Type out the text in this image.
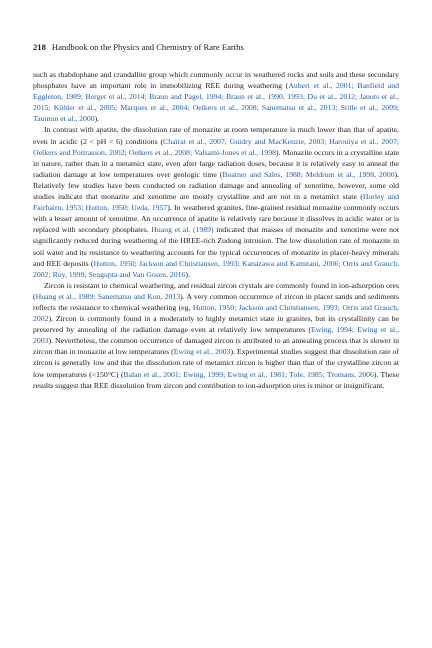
218 Handbook on the Physics and Chemistry of Rare Earths

such as rhabdophane and crandallite group which commonly occur in weathered rocks and soils and these secondary phosphates have an important role in immobilizing REE during weathering (Aubert et al., 2001; Banfield and Eggleton, 1989; Berger et al., 2014; Braun and Pagel, 1994; Braun et al., 1990, 1993; Du et al., 2012; Janots et al., 2015; Köhler et al., 2005; Marques et al., 2004; Oelkers et al., 2008; Sanematsu et al., 2013; Stille et al., 2009; Taunton et al., 2000).

In contrast with apatite, the dissolution rate of monazite at room temperature is much lower than that of apatite, even in acidic (2 < pH < 6) conditions (Chaïrat et al., 2007; Guidry and MacKenzie, 2003; Harouiya et al., 2007; Oelkers and Poitrasson, 2002; Oelkers et al., 2008; Valsami-Jones et al., 1998). Monazite occurs in a crystalline state in nature, rather than in a metamict state, even after large radiation doses, because it is relatively easy to anneal the radiation damage at low temperatures over geologic time (Boatner and Sales, 1988; Meldrum et al., 1998, 2000). Relatively few studies have been conducted on radiation damage and annealing of xenotime, however, some old studies indicate that monazite and xenotime are mostly crystalline and are not in a metamict state (Hurley and Fairbairn, 1953; Hutton, 1950; Ueda, 1957). In weathered granites, fine-grained residual monazite commonly occurs with a lesser amount of xenotime. An occurrence of apatite is relatively rare because it dissolves in acidic water or is replaced with secondary phosphates. Huang et al. (1989) indicated that masses of monazite and xenotime were not significantly reduced during weathering of the HREE-rich Zudong intrusion. The low dissolution rate of monazite in soil water and its resistance to weathering accounts for the typical occurrences of monazite in placer-heavy minerals and REE deposits (Hutton, 1950; Jackson and Christiansen, 1993; Kanazawa and Kamitani, 2006; Orris and Grauch, 2002; Roy, 1999; Sengupta and Van Gosen, 2016).

Zircon is resistant to chemical weathering, and residual zircon crystals are commonly found in ion-adsorption ores (Huang et al., 1989; Sanematsu and Kon, 2013). A very common occurrence of zircon in placer sands and sediments reflects the resistance to chemical weathering (eg, Hutton, 1950; Jackson and Christiansen, 1993; Orris and Grauch, 2002). Zircon is commonly found in a moderately to highly metamict state in granites, but its crystallinity can be preserved by annealing of the radiation damage even at relatively low temperatures (Ewing, 1994; Ewing et al., 2003). Nevertheless, the common occurrence of damaged zircon is attributed to an annealing process that is slower in zircon than in monazite at low temperatures (Ewing et al., 2003). Experimental studies suggest that dissolution rate of zircon is generally low and that the dissolution rate of metamict zircon is higher than that of the crystalline zircon at low temperatures (<150°C) (Balan et al., 2001; Ewing, 1999; Ewing et al., 1981; Tole, 1985; Tromans, 2006). These results suggest that REE dissolution from zircon and contribution to ion-adsorption ores is minor or insignificant.
